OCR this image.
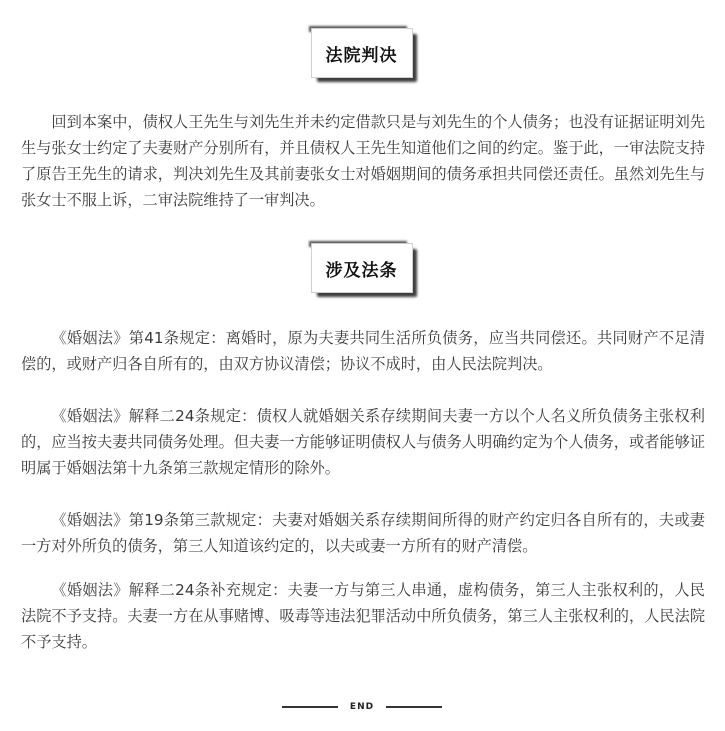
法院判决

回到本案中，债权人王先生与刘先生并未约定借款只是与刘先生的个人债务；也没有证据证明刘先生与张女士约定了夫妻财产分别所有，并且债权人王先生知道他们之间的约定。鉴于此，一审法院支持了原告王先生的请求，判决刘先生及其前妻张女士对婚姻期间的债务承担共同偿还责任。虽然刘先生与张女士不服上诉，二审法院维持了一审判决。

涉及法条

《婚姻法》第41条规定：离婚时，原为夫妻共同生活所负债务，应当共同偿还。共同财产不足清偿的，或财产归各自所有的，由双方协议清偿；协议不成时，由人民法院判决。

《婚姻法》解释二24条规定：债权人就婚姻关系存续期间夫妻一方以个人名义所负债务主张权利的，应当按夫妻共同债务处理。但夫妻一方能够证明债权人与债务人明确约定为个人债务，或者能够证明属于婚姻法第十九条第三款规定情形的除外。

《婚姻法》第19条第三款规定：夫妻对婚姻关系存续期间所得的财产约定归各自所有的，夫或妻一方对外所负的债务，第三人知道该约定的，以夫或妻一方所有的财产清偿。

《婚姻法》解释二24条补充规定：夫妻一方与第三人串通，虚构债务，第三人主张权利的，人民法院不予支持。夫妻一方在从事赌博、吸毒等违法犯罪活动中所负债务，第三人主张权利的，人民法院不予支持。

END
